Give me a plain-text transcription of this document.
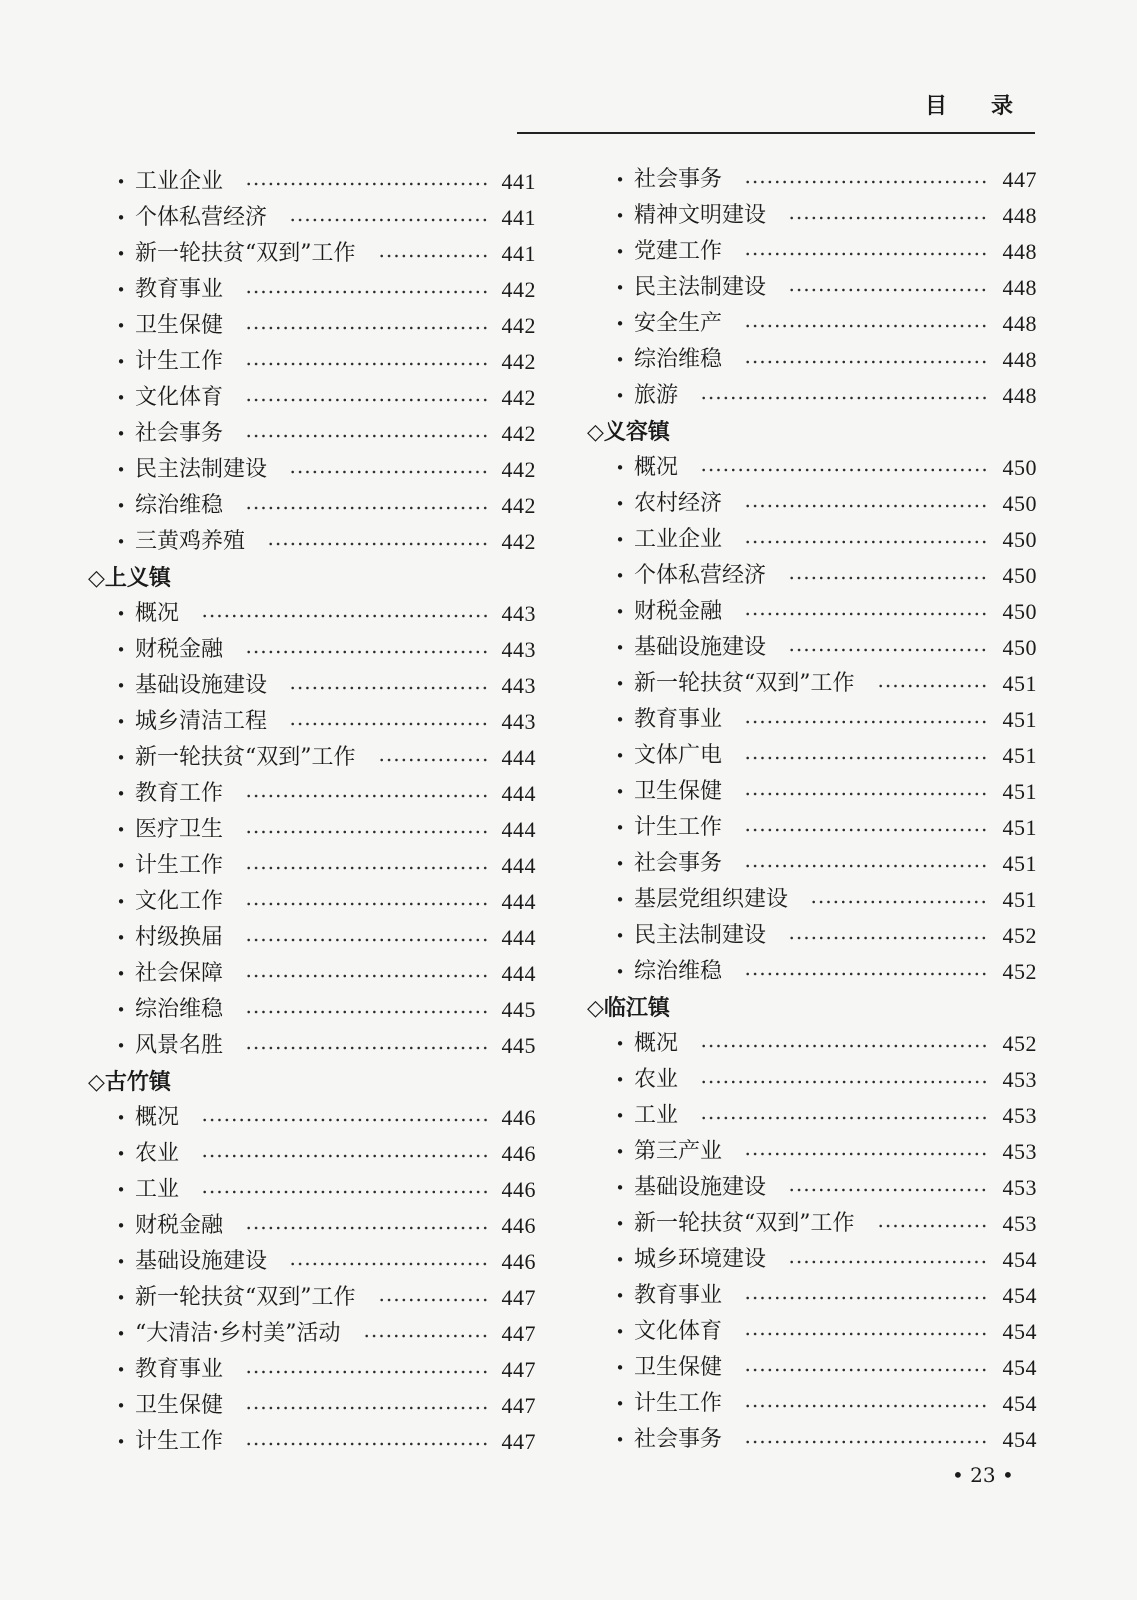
目录
• 工业企业	441
• 个体私营经济	441
• 新一轮扶贫“双到”工作	441
• 教育事业	442
• 卫生保健	442
• 计生工作	442
• 文化体育	442
• 社会事务	442
• 民主法制建设	442
• 综治维稳	442
• 三黄鸡养殖	442
◇上义镇
• 概况	443
• 财税金融	443
• 基础设施建设	443
• 城乡清洁工程	443
• 新一轮扶贫“双到”工作	444
• 教育工作	444
• 医疗卫生	444
• 计生工作	444
• 文化工作	444
• 村级换届	444
• 社会保障	444
• 综治维稳	445
• 风景名胜	445
◇古竹镇
• 概况	446
• 农业	446
• 工业	446
• 财税金融	446
• 基础设施建设	446
• 新一轮扶贫“双到”工作	447
• “大清洁·乡村美”活动	447
• 教育事业	447
• 卫生保健	447
• 计生工作	447
• 社会事务	447
• 精神文明建设	448
• 党建工作	448
• 民主法制建设	448
• 安全生产	448
• 综治维稳	448
• 旅游	448
◇义容镇
• 概况	450
• 农村经济	450
• 工业企业	450
• 个体私营经济	450
• 财税金融	450
• 基础设施建设	450
• 新一轮扶贫“双到”工作	451
• 教育事业	451
• 文体广电	451
• 卫生保健	451
• 计生工作	451
• 社会事务	451
• 基层党组织建设	451
• 民主法制建设	452
• 综治维稳	452
◇临江镇
• 概况	452
• 农业	453
• 工业	453
• 第三产业	453
• 基础设施建设	453
• 新一轮扶贫“双到”工作	453
• 城乡环境建设	454
• 教育事业	454
• 文化体育	454
• 卫生保健	454
• 计生工作	454
• 社会事务	454
• 23 •
